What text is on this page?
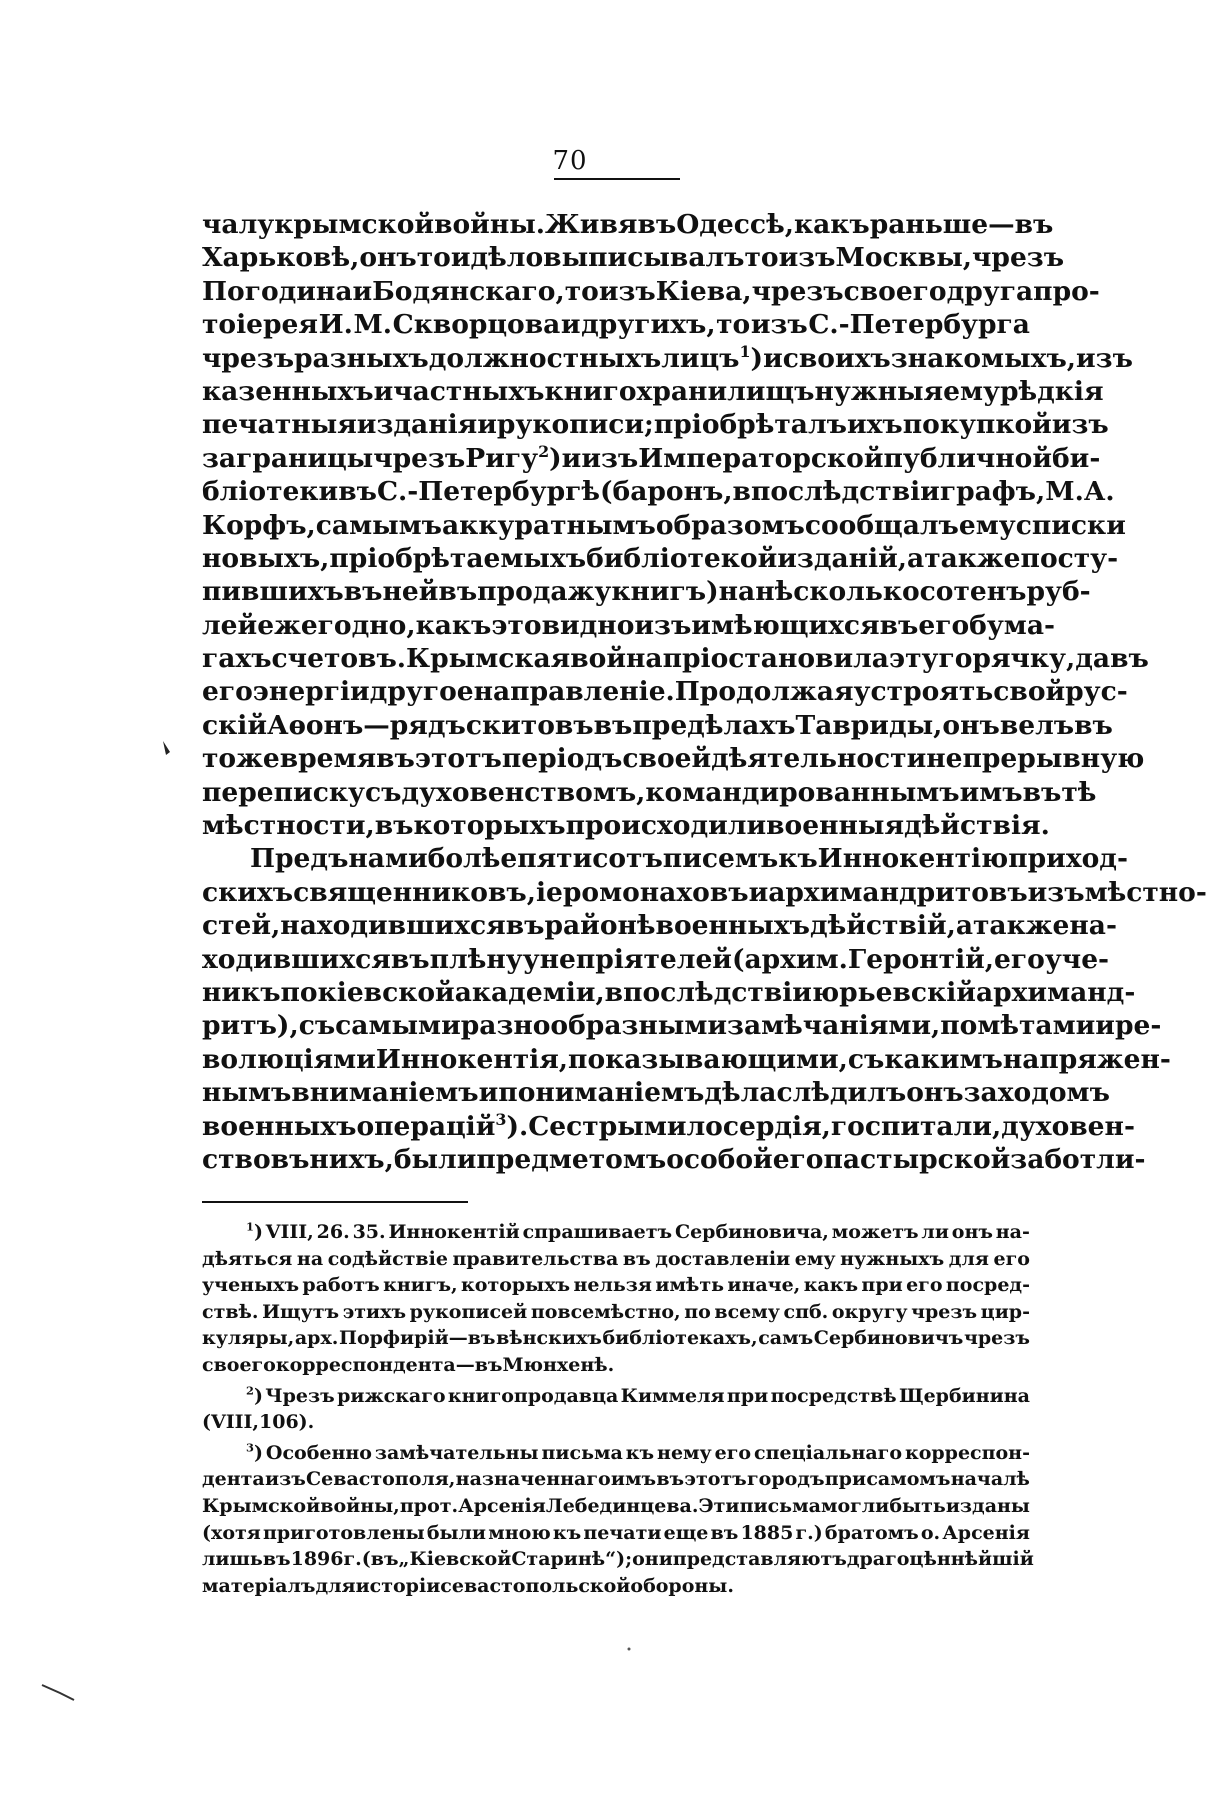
70
чалу крымской войны. Живя въ Одессѣ, какъ раньше — въ
Харьковѣ, онъ то и дѣло выписывалъ то изъ Москвы, чрезъ
Погодина и Бодянскаго, то изъ Кіева, чрезъ своего друга про-
тоіерея И. М. Скворцова и другихъ, то изъ С.-Петербурга
чрезъ разныхъ должностныхъ лицъ $^1$) и своихъ знакомыхъ, изъ
казенныхъ и частныхъ книгохранилищъ нужныя ему рѣдкія
печатныя изданія и рукописи; пріобрѣталъ ихъ покупкой изъ
за границы чрезъ Ригу $^2$) и изъ Императорской публичной би-
бліотеки въ С.-Петербургѣ (баронъ, впослѣдствіи графъ, М. А.
Корфъ, самымъ аккуратнымъ образомъ сообщалъ ему списки
новыхъ, пріобрѣтаемыхъ библіотекой изданій, а также посту-
пившихъ въ ней въ продажу книгъ) на нѣсколько сотенъ руб-
лей ежегодно, какъ это видно изъ имѣющихся въ его бума-
гахъ счетовъ. Крымская война пріостановила эту горячку, давъ
его энергіи другое направленіе. Продолжая устроять свой рус-
скій Аѳонъ—рядъ скитовъ въ предѣлахъ Тавриды, онъ велъ въ
тоже время въ этотъ періодъ своей дѣятельности непрерывную
переписку съ духовенствомъ, командированнымъ имъ въ тѣ
мѣстности, въ которыхъ происходили военныя дѣйствія.
Предъ нами болѣе пятисотъ писемъ къ Иннокентію приход-
скихъ священниковъ, іеромонаховъ и архимандритовъ изъ мѣстно-
стей, находившихся въ районѣ военныхъ дѣйствій, а также на-
ходившихся въ плѣну у непріятелей (архим. Геронтій, его уче-
никъ по кіевской академіи, впослѣдствіи юрьевскій архиманд-
ритъ), съ самыми разнообразными замѣчаніями, помѣтами и ре-
волюціями Иннокентія, показывающими, съ какимъ напряжен-
нымъ вниманіемъ и пониманіемъ дѣла слѣдилъ онъ за ходомъ
военныхъ операцій $^3$). Сестры милосердія, госпитали, духовен-
ство въ нихъ, были предметомъ особой его пастырской заботли-
$^1$) VIII, 26. 35. Иннокентій спрашиваетъ Сербиновича, можетъ ли онъ на-
дѣяться на содѣйствіе правительства въ доставленіи ему нужныхъ для его
ученыхъ работъ книгъ, которыхъ нельзя имѣть иначе, какъ при его посред-
ствѣ. Ищутъ этихъ рукописей повсемѣстно, по всему спб. округу чрезъ цир-
куляры, арх. Порфирій—въ вѣнскихъ библіотекахъ, самъ Сербиновичъ чрезъ
своего корреспондента—въ Мюнхенѣ.
$^2$) Чрезъ рижскаго книгопродавца Киммеля при посредствѣ Щербинина
(VIII, 106).
$^3$) Особенно замѣчательны письма къ нему его спеціальнаго корреспон-
дента изъ Севастополя, назначеннаго имъ въ этотъ городъ при самомъ началѣ
Крымской войны, прот. Арсенія Лебединцева. Эти письма могли быть изданы
(хотя приготовлены были мною къ печати еще въ 1885 г.) братомъ о. Арсенія
лишь въ 1896 г. (въ „Кіевской Старинѣ“); они представляютъ драгоцѣннѣйшій
матеріалъ для исторіи севастопольской обороны.
